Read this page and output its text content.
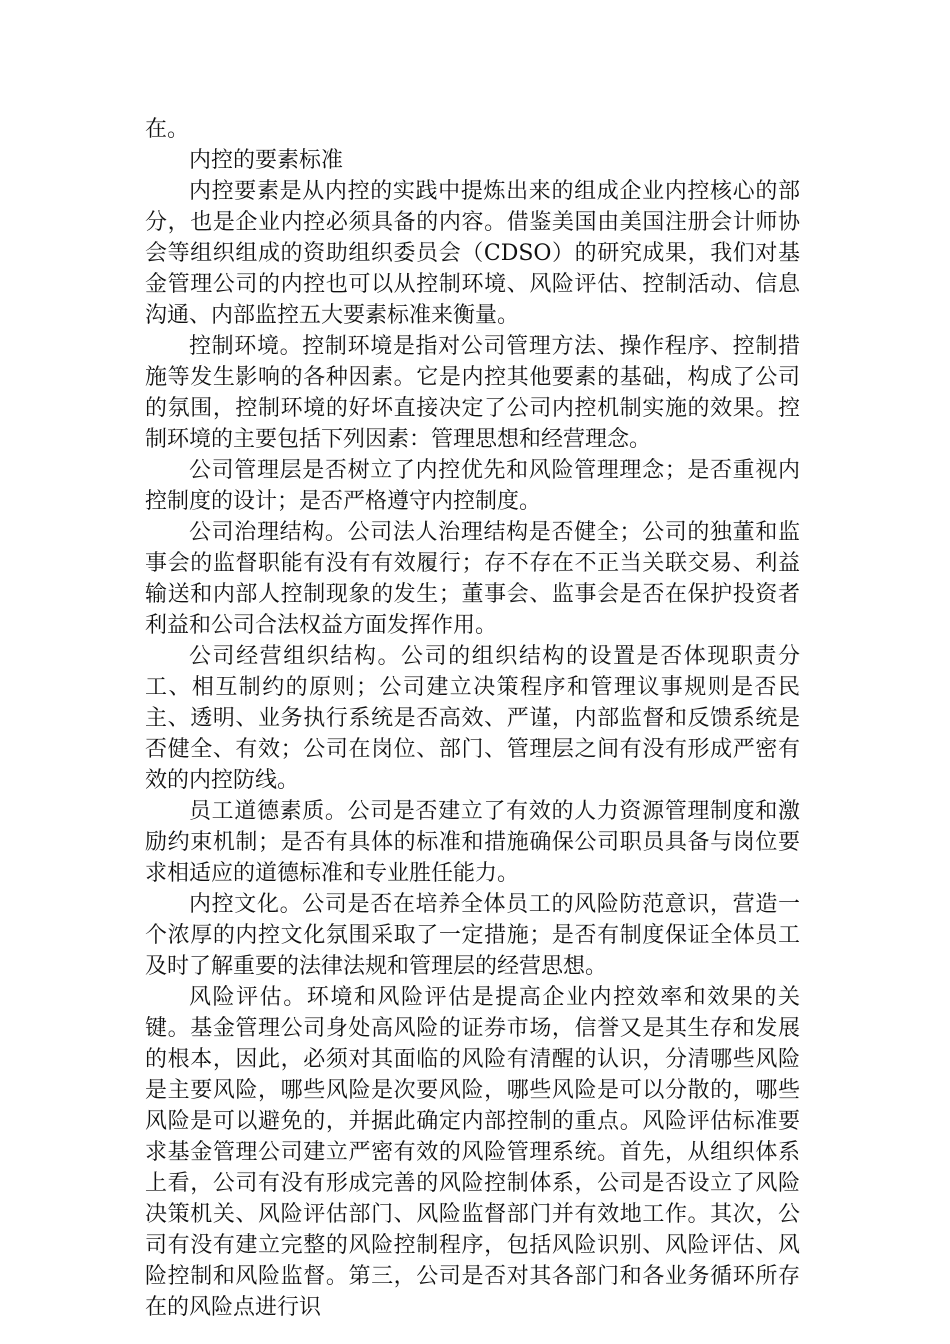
在。

内控的要素标准

内控要素是从内控的实践中提炼出来的组成企业内控核心的部分，也是企业内控必须具备的内容。借鉴美国由美国注册会计师协会等组织组成的资助组织委员会（CDSO）的研究成果，我们对基金管理公司的内控也可以从控制环境、风险评估、控制活动、信息沟通、内部监控五大要素标准来衡量。

控制环境。控制环境是指对公司管理方法、操作程序、控制措施等发生影响的各种因素。它是内控其他要素的基础，构成了公司的氛围，控制环境的好坏直接决定了公司内控机制实施的效果。控制环境的主要包括下列因素：管理思想和经营理念。

公司管理层是否树立了内控优先和风险管理理念；是否重视内控制度的设计；是否严格遵守内控制度。

公司治理结构。公司法人治理结构是否健全；公司的独董和监事会的监督职能有没有有效履行；存不存在不正当关联交易、利益输送和内部人控制现象的发生；董事会、监事会是否在保护投资者利益和公司合法权益方面发挥作用。

公司经营组织结构。公司的组织结构的设置是否体现职责分工、相互制约的原则；公司建立决策程序和管理议事规则是否民主、透明、业务执行系统是否高效、严谨，内部监督和反馈系统是否健全、有效；公司在岗位、部门、管理层之间有没有形成严密有效的内控防线。

员工道德素质。公司是否建立了有效的人力资源管理制度和激励约束机制；是否有具体的标准和措施确保公司职员具备与岗位要求相适应的道德标准和专业胜任能力。

内控文化。公司是否在培养全体员工的风险防范意识，营造一个浓厚的内控文化氛围采取了一定措施；是否有制度保证全体员工及时了解重要的法律法规和管理层的经营思想。

风险评估。环境和风险评估是提高企业内控效率和效果的关键。基金管理公司身处高风险的证券市场，信誉又是其生存和发展的根本，因此，必须对其面临的风险有清醒的认识，分清哪些风险是主要风险，哪些风险是次要风险，哪些风险是可以分散的，哪些风险是可以避免的，并据此确定内部控制的重点。风险评估标准要求基金管理公司建立严密有效的风险管理系统。首先，从组织体系上看，公司有没有形成完善的风险控制体系，公司是否设立了风险决策机关、风险评估部门、风险监督部门并有效地工作。其次，公司有没有建立完整的风险控制程序，包括风险识别、风险评估、风险控制和风险监督。第三，公司是否对其各部门和各业务循环所存在的风险点进行识
